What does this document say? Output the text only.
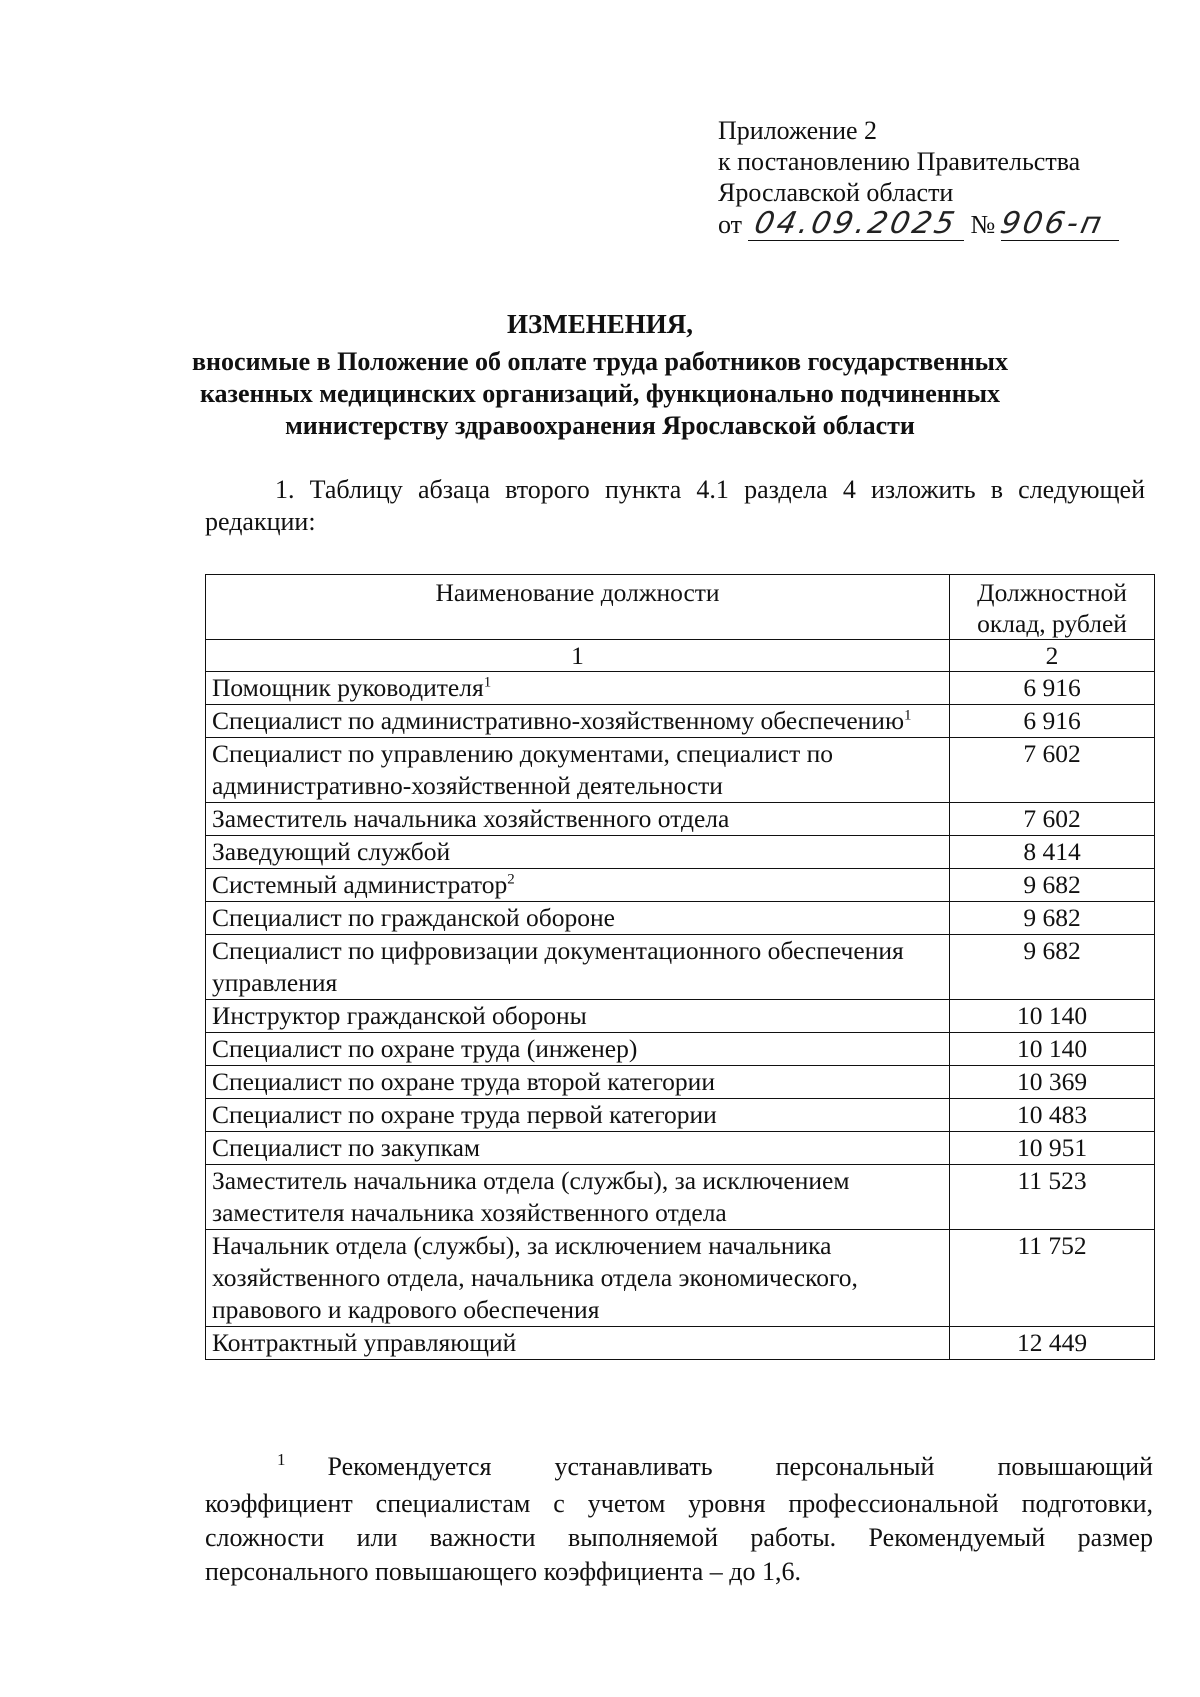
Приложение 2
к постановлению Правительства
Ярославской области
от 04.09.2025 №906-п
ИЗМЕНЕНИЯ,
вносимые в Положение об оплате труда работников государственных
казенных медицинских организаций, функционально подчиненных
министерству здравоохранения Ярославской области
1. Таблицу абзаца второго пункта 4.1 раздела 4 изложить в следующей редакции:
Наименование должности	Должностной оклад, рублей
1	2
Помощник руководителя$^1$	6 916
Специалист по административно-хозяйственному обеспечению$^1$	6 916
Специалист по управлению документами, специалист по административно-хозяйственной деятельности	7 602
Заместитель начальника хозяйственного отдела	7 602
Заведующий службой	8 414
Системный администратор$^2$	9 682
Специалист по гражданской обороне	9 682
Специалист по цифровизации документационного обеспечения управления	9 682
Инструктор гражданской обороны	10 140
Специалист по охране труда (инженер)	10 140
Специалист по охране труда второй категории	10 369
Специалист по охране труда первой категории	10 483
Специалист по закупкам	10 951
Заместитель начальника отдела (службы), за исключением заместителя начальника хозяйственного отдела	11 523
Начальник отдела (службы), за исключением начальника хозяйственного отдела, начальника отдела экономического, правового и кадрового обеспечения	11 752
Контрактный управляющий	12 449
$^1$ Рекомендуется устанавливать персональный повышающий
коэффициент специалистам с учетом уровня профессиональной подготовки, сложности или важности выполняемой работы. Рекомендуемый размер персонального повышающего коэффициента – до 1,6.
